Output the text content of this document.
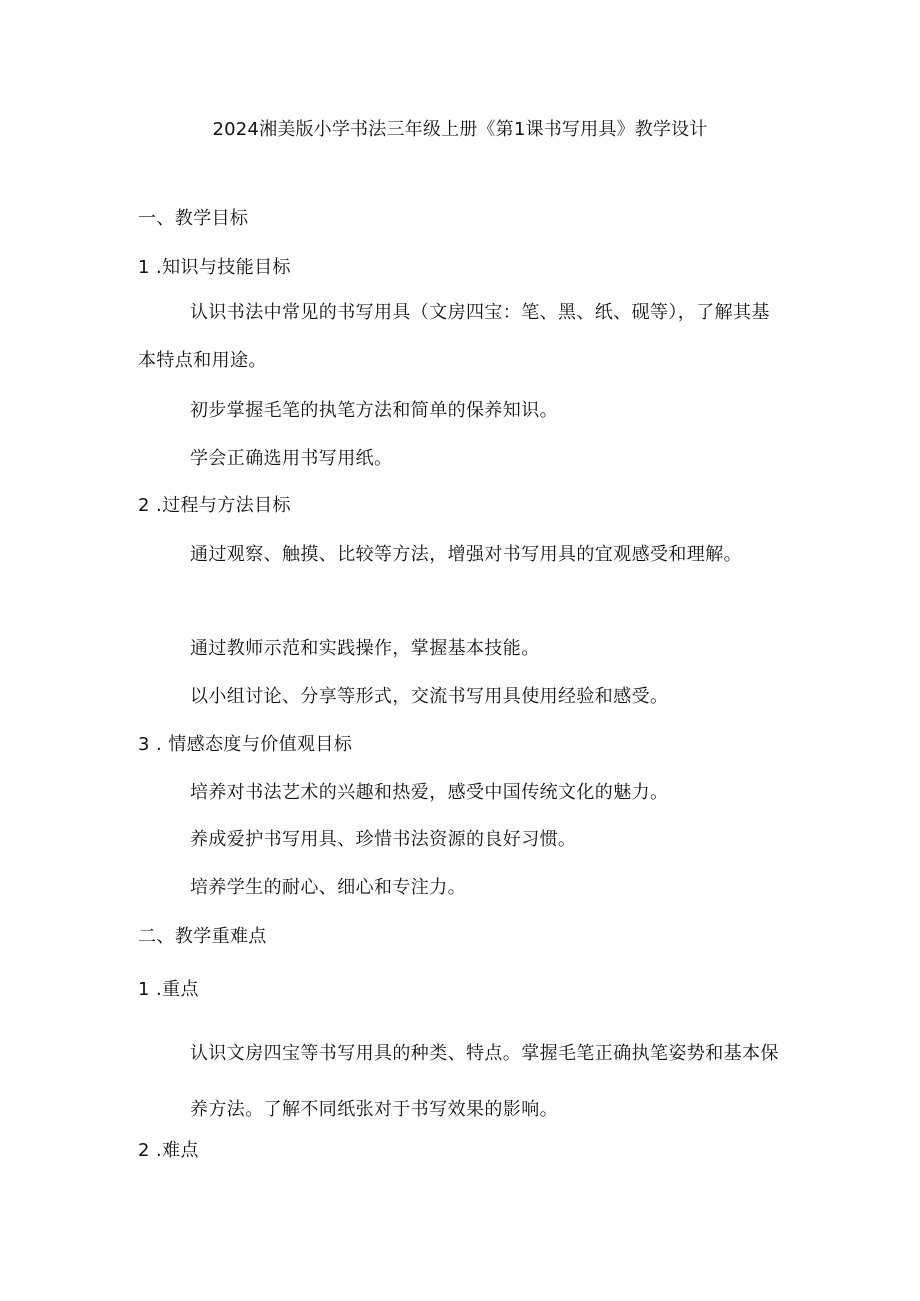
2024湘美版小学书法三年级上册《第1课书写用具》教学设计
一、教学目标
1 .知识与技能目标
认识书法中常见的书写用具（文房四宝：笔、黑、纸、砚等），了解其基本特点和用途。
初步掌握毛笔的执笔方法和简单的保养知识。
学会正确选用书写用纸。
2 .过程与方法目标
通过观察、触摸、比较等方法，增强对书写用具的宜观感受和理解。
通过教师示范和实践操作，掌握基本技能。
以小组讨论、分享等形式，交流书写用具使用经验和感受。
3 . 情感态度与价值观目标
培养对书法艺术的兴趣和热爱，感受中国传统文化的魅力。
养成爱护书写用具、珍惜书法资源的良好习惯。
培养学生的耐心、细心和专注力。
二、教学重难点
1 .重点
认识文房四宝等书写用具的种类、特点。掌握毛笔正确执笔姿势和基本保养方法。了解不同纸张对于书写效果的影响。
2 .难点
